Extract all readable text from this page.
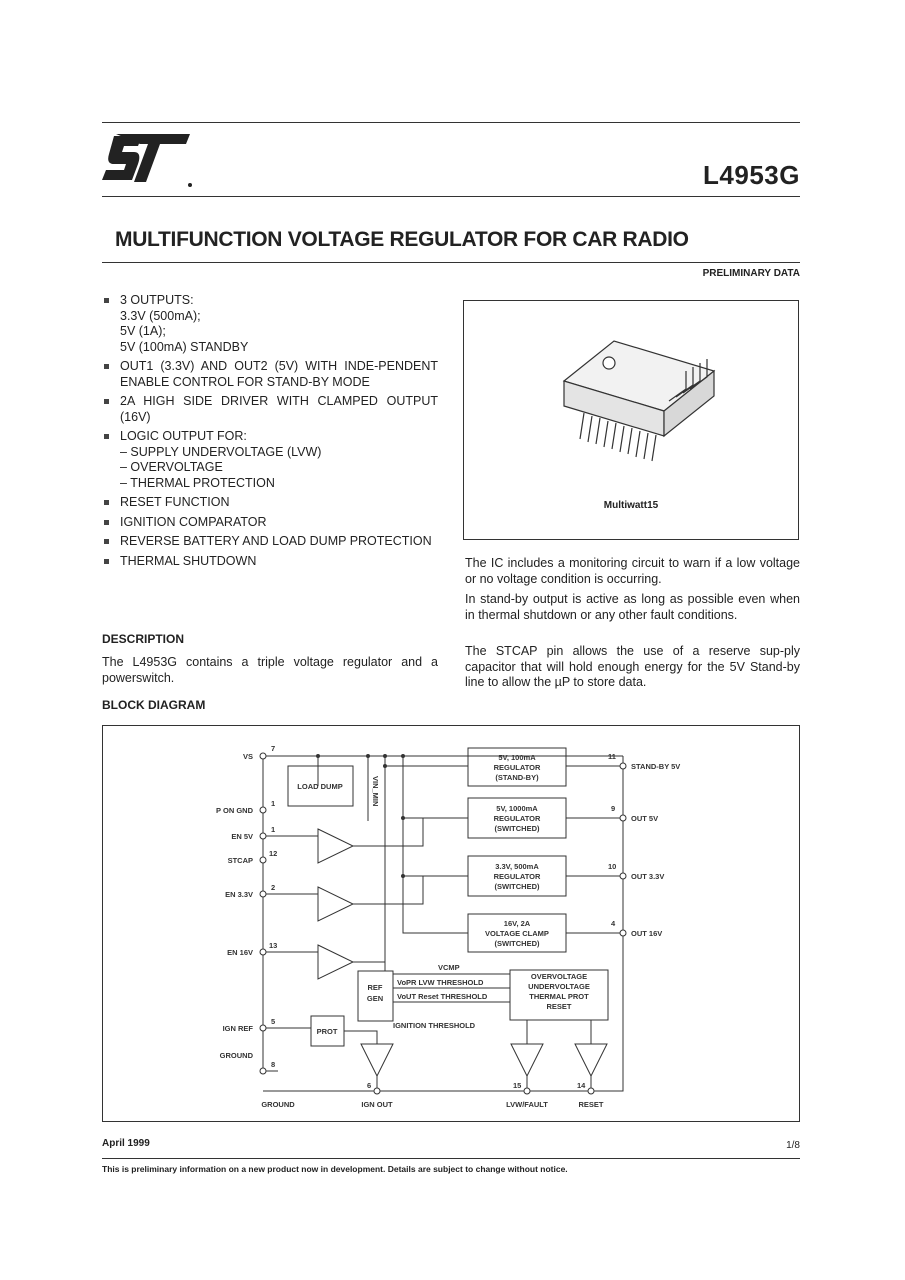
L4953G
MULTIFUNCTION VOLTAGE REGULATOR FOR CAR RADIO
PRELIMINARY DATA
3 OUTPUTS:
3.3V (500mA);
5V (1A);
5V (100mA) STANDBY
OUT1 (3.3V) AND OUT2 (5V) WITH INDE-PENDENT ENABLE CONTROL FOR STAND-BY MODE
2A HIGH SIDE DRIVER WITH CLAMPED OUTPUT (16V)
LOGIC OUTPUT FOR:
– SUPPLY UNDERVOLTAGE (LVW)
– OVERVOLTAGE
– THERMAL PROTECTION
RESET FUNCTION
IGNITION COMPARATOR
REVERSE BATTERY AND LOAD DUMP PROTECTION
THERMAL SHUTDOWN
Multiwatt15
DESCRIPTION
The L4953G contains a triple voltage regulator and a powerswitch.
The IC includes a monitoring circuit to warn if a low voltage or no voltage condition is occurring.
In stand-by output is active as long as possible even when in thermal shutdown or any other fault conditions.
The STCAP pin allows the use of a reserve sup-ply capacitor that will hold enough energy for the 5V Stand-by line to allow the µP to store data.
BLOCK DIAGRAM
VS
P ON GND
EN 5V
STCAP
EN 3.3V
EN 16V
IGN REF
GROUND
7
1
1
12
2
13
5
8
STAND-BY 5V
OUT 5V
OUT 3.3V
OUT 16V
11
9
10
4
5V, 100mA
REGULATOR
(STAND-BY)
5V, 1000mA
REGULATOR
(SWITCHED)
3.3V, 500mA
REGULATOR
(SWITCHED)
16V, 2A
VOLTAGE CLAMP
(SWITCHED)
LOAD DUMP	VIN_MIN
REF
GEN
VCMP
VoPR LVW THRESHOLD
VoUT Reset THRESHOLD
IGNITION THRESHOLD
PROT
OVERVOLTAGE
UNDERVOLTAGE
THERMAL PROT
RESET
6	15	14
IGN OUT	LVW/FAULT	RESET
GROUND
April 1999	1/8
This is preliminary information on a new product now in development. Details are subject to change without notice.
